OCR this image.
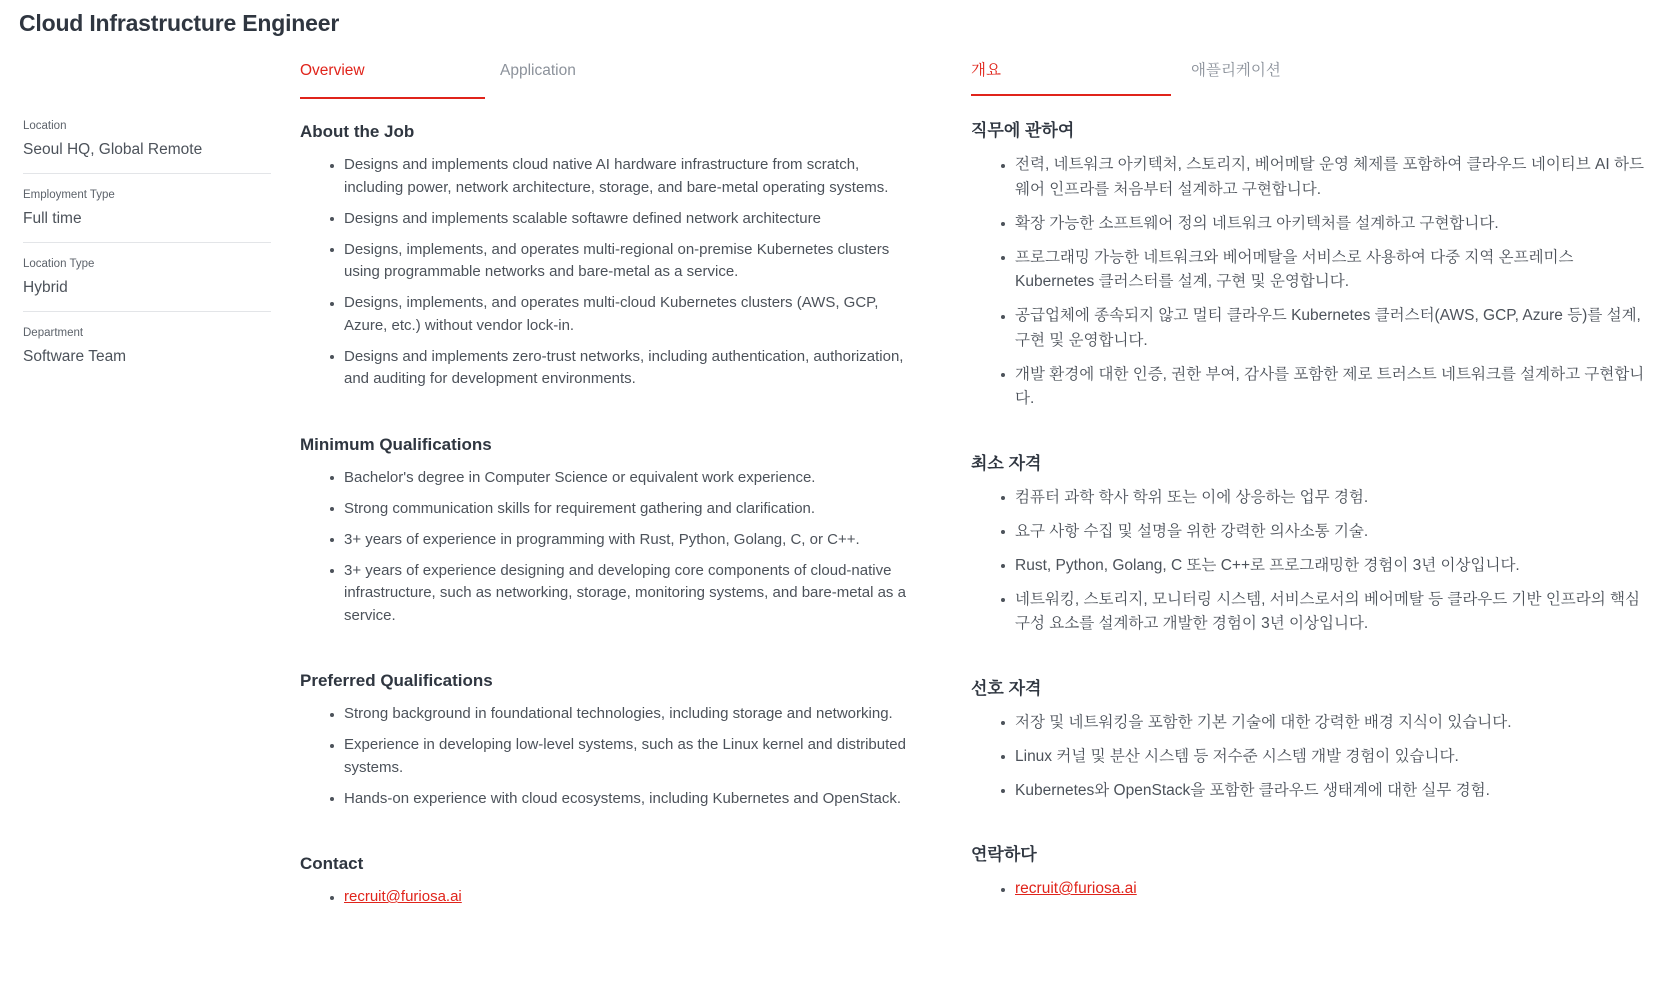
Cloud Infrastructure Engineer
Location
Seoul HQ, Global Remote
Employment Type
Full time
Location Type
Hybrid
Department
Software Team
Overview	Application
About the Job
Designs and implements cloud native AI hardware infrastructure from scratch, including power, network architecture, storage, and bare-metal operating systems.
Designs and implements scalable softawre defined network architecture
Designs, implements, and operates multi-regional on-premise Kubernetes clusters using programmable networks and bare-metal as a service.
Designs, implements, and operates multi-cloud Kubernetes clusters (AWS, GCP, Azure, etc.) without vendor lock-in.
Designs and implements zero-trust networks, including authentication, authorization, and auditing for development environments.
Minimum Qualifications
Bachelor's degree in Computer Science or equivalent work experience.
Strong communication skills for requirement gathering and clarification.
3+ years of experience in programming with Rust, Python, Golang, C, or C++.
3+ years of experience designing and developing core components of cloud-native infrastructure, such as networking, storage, monitoring systems, and bare-metal as a service.
Preferred Qualifications
Strong background in foundational technologies, including storage and networking.
Experience in developing low-level systems, such as the Linux kernel and distributed systems.
Hands-on experience with cloud ecosystems, including Kubernetes and OpenStack.
Contact
recruit@furiosa.ai
개요	애플리케이션
직무에 관하여
전력, 네트워크 아키텍처, 스토리지, 베어메탈 운영 체제를 포함하여 클라우드 네이티브 AI 하드웨어 인프라를 처음부터 설계하고 구현합니다.
확장 가능한 소프트웨어 정의 네트워크 아키텍처를 설계하고 구현합니다.
프로그래밍 가능한 네트워크와 베어메탈을 서비스로 사용하여 다중 지역 온프레미스 Kubernetes 클러스터를 설계, 구현 및 운영합니다.
공급업체에 종속되지 않고 멀티 클라우드 Kubernetes 클러스터(AWS, GCP, Azure 등)를 설계, 구현 및 운영합니다.
개발 환경에 대한 인증, 권한 부여, 감사를 포함한 제로 트러스트 네트워크를 설계하고 구현합니다.
최소 자격
컴퓨터 과학 학사 학위 또는 이에 상응하는 업무 경험.
요구 사항 수집 및 설명을 위한 강력한 의사소통 기술.
Rust, Python, Golang, C 또는 C++로 프로그래밍한 경험이 3년 이상입니다.
네트워킹, 스토리지, 모니터링 시스템, 서비스로서의 베어메탈 등 클라우드 기반 인프라의 핵심 구성 요소를 설계하고 개발한 경험이 3년 이상입니다.
선호 자격
저장 및 네트워킹을 포함한 기본 기술에 대한 강력한 배경 지식이 있습니다.
Linux 커널 및 분산 시스템 등 저수준 시스템 개발 경험이 있습니다.
Kubernetes와 OpenStack을 포함한 클라우드 생태계에 대한 실무 경험.
연락하다
recruit@furiosa.ai
